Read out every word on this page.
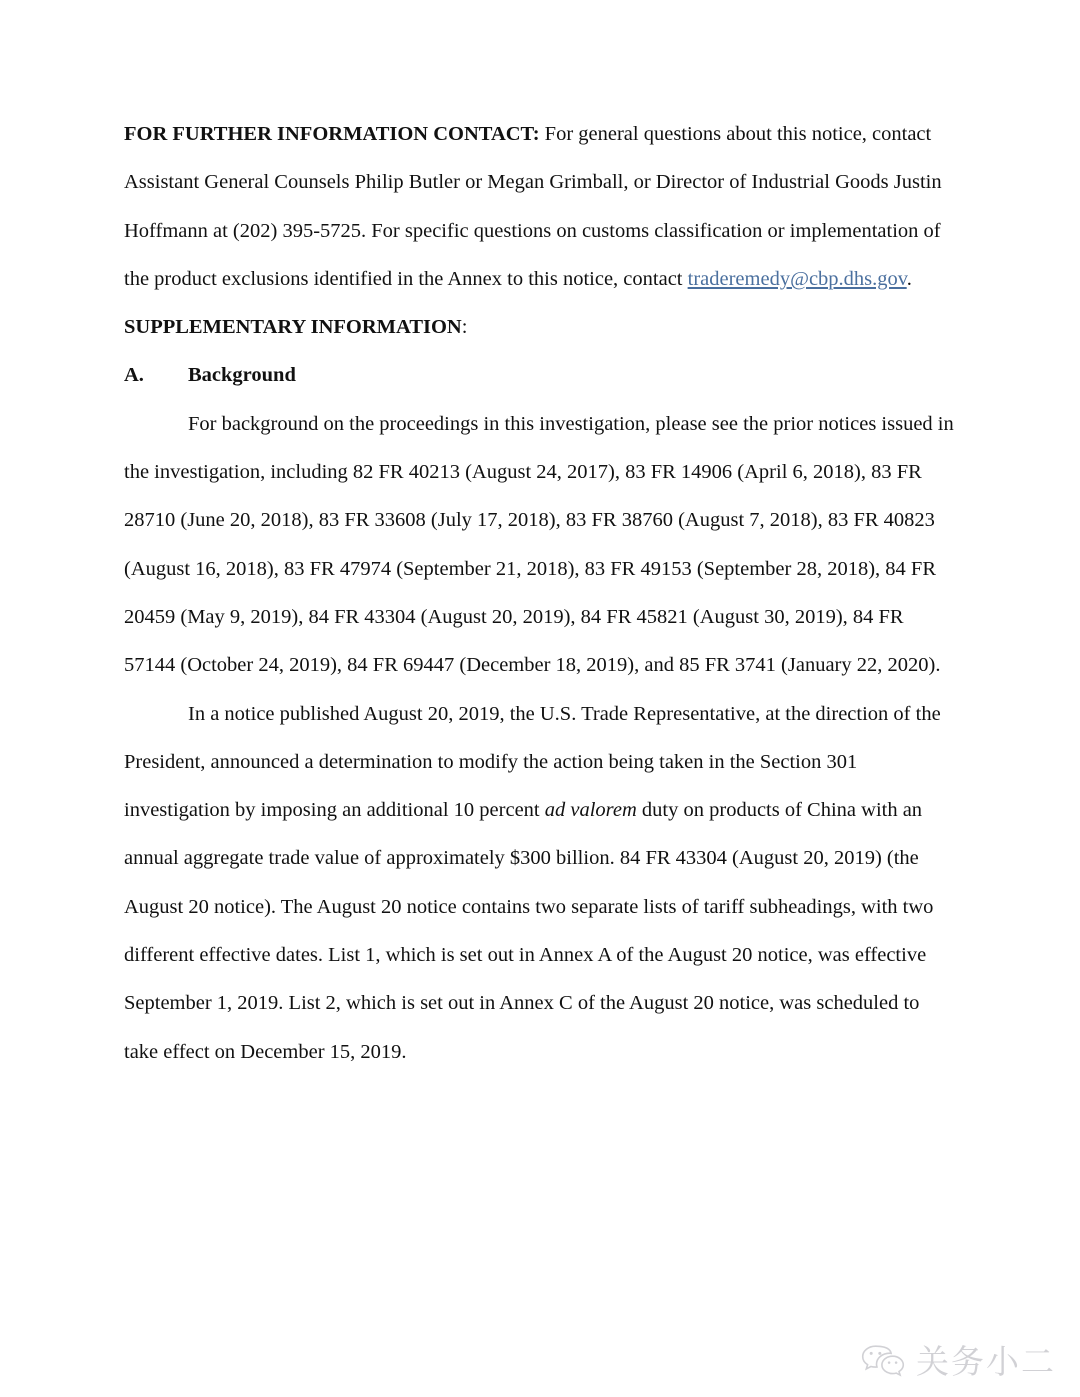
FOR FURTHER INFORMATION CONTACT: For general questions about this notice, contact Assistant General Counsels Philip Butler or Megan Grimball, or Director of Industrial Goods Justin Hoffmann at (202) 395-5725. For specific questions on customs classification or implementation of the product exclusions identified in the Annex to this notice, contact traderemedy@cbp.dhs.gov.

SUPPLEMENTARY INFORMATION:

A. Background

For background on the proceedings in this investigation, please see the prior notices issued in the investigation, including 82 FR 40213 (August 24, 2017), 83 FR 14906 (April 6, 2018), 83 FR 28710 (June 20, 2018), 83 FR 33608 (July 17, 2018), 83 FR 38760 (August 7, 2018), 83 FR 40823 (August 16, 2018), 83 FR 47974 (September 21, 2018), 83 FR 49153 (September 28, 2018), 84 FR 20459 (May 9, 2019), 84 FR 43304 (August 20, 2019), 84 FR 45821 (August 30, 2019), 84 FR 57144 (October 24, 2019), 84 FR 69447 (December 18, 2019), and 85 FR 3741 (January 22, 2020).

In a notice published August 20, 2019, the U.S. Trade Representative, at the direction of the President, announced a determination to modify the action being taken in the Section 301 investigation by imposing an additional 10 percent ad valorem duty on products of China with an annual aggregate trade value of approximately $300 billion. 84 FR 43304 (August 20, 2019) (the August 20 notice). The August 20 notice contains two separate lists of tariff subheadings, with two different effective dates. List 1, which is set out in Annex A of the August 20 notice, was effective September 1, 2019. List 2, which is set out in Annex C of the August 20 notice, was scheduled to take effect on December 15, 2019.

关务小二
